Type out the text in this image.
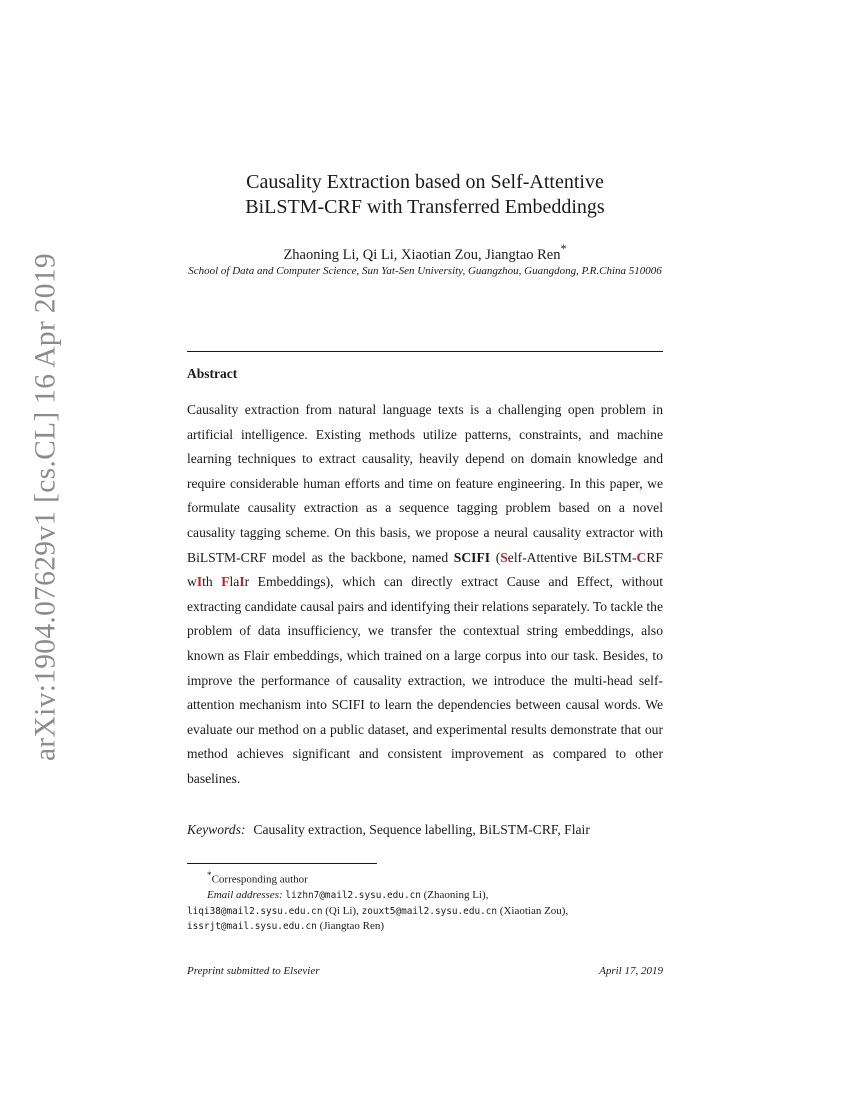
arXiv:1904.07629v1 [cs.CL] 16 Apr 2019
Causality Extraction based on Self-Attentive
BiLSTM-CRF with Transferred Embeddings
Zhaoning Li, Qi Li, Xiaotian Zou, Jiangtao Ren*
School of Data and Computer Science, Sun Yat-Sen University, Guangzhou, Guangdong, P.R.China 510006
Abstract
Causality extraction from natural language texts is a challenging open problem in artificial intelligence. Existing methods utilize patterns, constraints, and machine learning techniques to extract causality, heavily depend on domain knowledge and require considerable human efforts and time on feature engineering. In this paper, we formulate causality extraction as a sequence tagging problem based on a novel causality tagging scheme. On this basis, we propose a neural causality extractor with BiLSTM-CRF model as the backbone, named SCIFI (Self-Attentive BiLSTM-CRF wIth FlaIr Embeddings), which can directly extract Cause and Effect, without extracting candidate causal pairs and identifying their relations separately. To tackle the problem of data insufficiency, we transfer the contextual string embeddings, also known as Flair embeddings, which trained on a large corpus into our task. Besides, to improve the performance of causality extraction, we introduce the multi-head self-attention mechanism into SCIFI to learn the dependencies between causal words. We evaluate our method on a public dataset, and experimental results demonstrate that our method achieves significant and consistent improvement as compared to other baselines.
Keywords: Causality extraction, Sequence labelling, BiLSTM-CRF, Flair
*Corresponding author
Email addresses: lizhn7@mail2.sysu.edu.cn (Zhaoning Li),
liqi38@mail2.sysu.edu.cn (Qi Li), zouxt5@mail2.sysu.edu.cn (Xiaotian Zou),
issrjt@mail.sysu.edu.cn (Jiangtao Ren)
Preprint submitted to Elsevier	April 17, 2019
